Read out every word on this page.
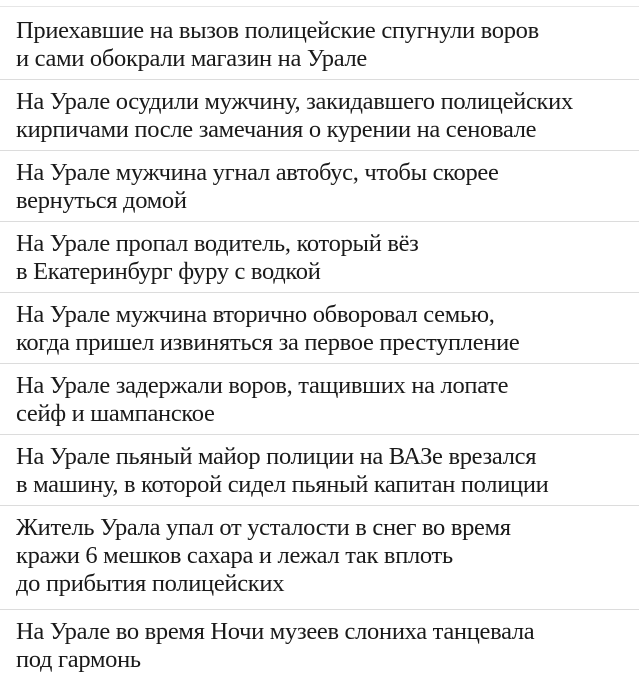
Приехавшие на вызов полицейские спугнули воров
и сами обокрали магазин на Урале
На Урале осудили мужчину, закидавшего полицейских
кирпичами после замечания о курении на сеновале
На Урале мужчина угнал автобус, чтобы скорее
вернуться домой
На Урале пропал водитель, который вёз
в Екатеринбург фуру с водкой
На Урале мужчина вторично обворовал семью,
когда пришел извиняться за первое преступление
На Урале задержали воров, тащивших на лопате
сейф и шампанское
На Урале пьяный майор полиции на ВАЗе врезался
в машину, в которой сидел пьяный капитан полиции
Житель Урала упал от усталости в снег во время
кражи 6 мешков сахара и лежал так вплоть
до прибытия полицейских
На Урале во время Ночи музеев слониха танцевала
под гармонь
